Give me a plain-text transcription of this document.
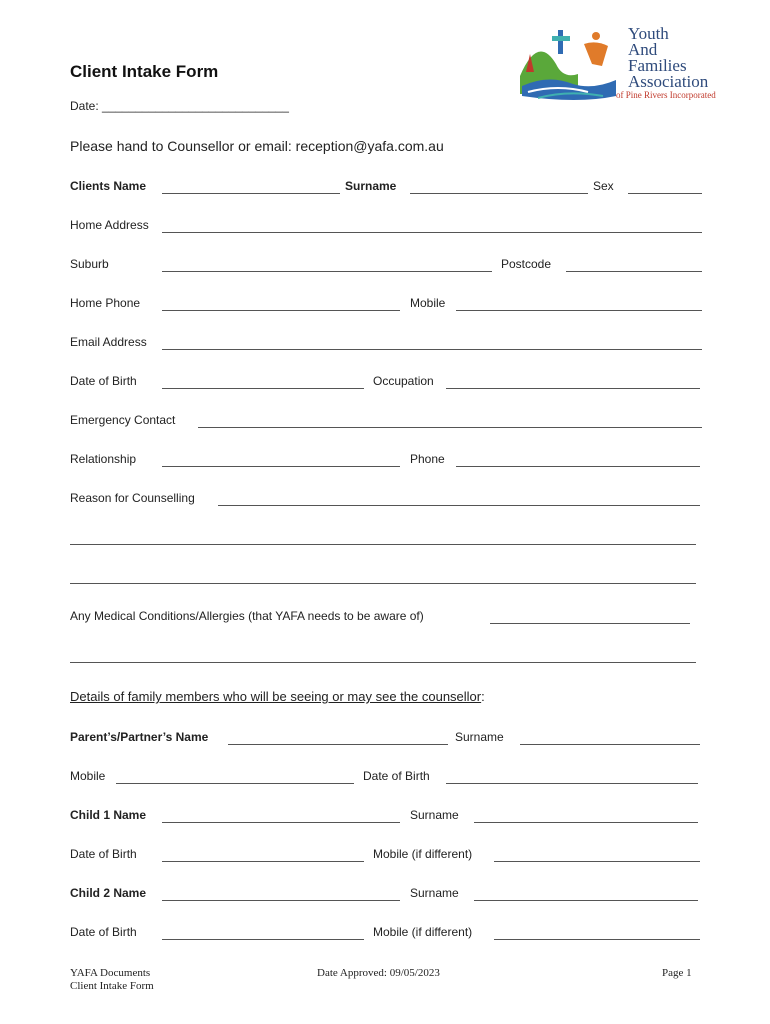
Youth
And
Families
Association
of Pine Rivers Incorporated
Client Intake Form
Date: ____________________________
Please hand to Counsellor or email: reception@yafa.com.au
Clients Name	Surname	Sex
Home Address
Suburb	Postcode
Home Phone	Mobile
Email Address
Date of Birth	Occupation
Emergency Contact
Relationship	Phone
Reason for Counselling
Any Medical Conditions/Allergies (that YAFA needs to be aware of)
Details of family members who will be seeing or may see the counsellor:
Parent’s/Partner’s Name	Surname
Mobile	Date of Birth
Child 1 Name	Surname
Date of Birth	Mobile (if different)
Child 2 Name	Surname
Date of Birth	Mobile (if different)
YAFA Documents
Client Intake Form
Date Approved: 09/05/2023	Page 1
